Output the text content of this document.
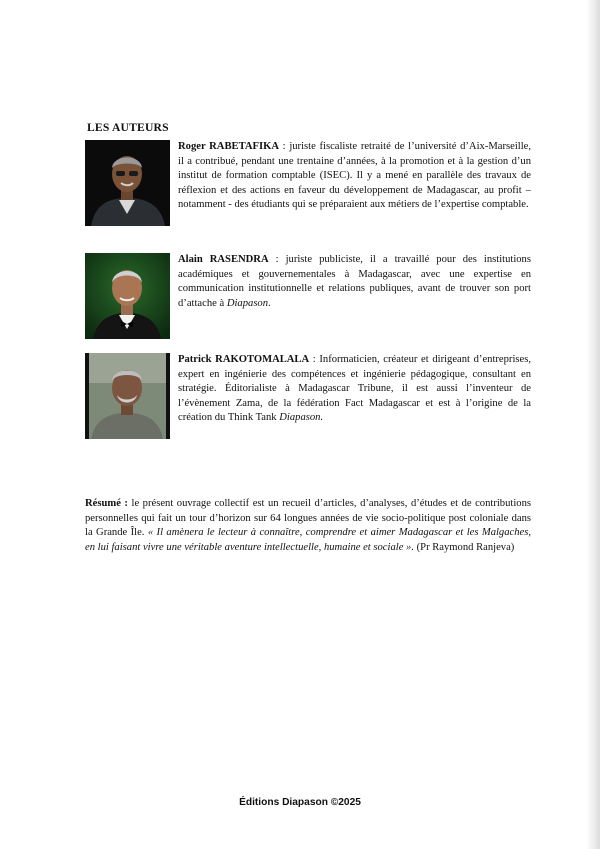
LES AUTEURS
Roger RABETAFIKA : juriste fiscaliste retraité de l’université d’Aix-Marseille, il a contribué, pendant une trentaine d’années, à la promotion et à la gestion d’un institut de formation comptable (ISEC). Il y a mené en parallèle des travaux de réflexion et des actions en faveur du développement de Madagascar, au profit – notamment - des étudiants qui se préparaient aux métiers de l’expertise comptable.
Alain RASENDRA : juriste publiciste, il a travaillé pour des institutions académiques et gouvernementales à Madagascar, avec une expertise en communication institutionnelle et relations publiques, avant de trouver son port d’attache à Diapason.
Patrick RAKOTOMALALA : Informaticien, créateur et dirigeant d’entreprises, expert en ingénierie des compétences et ingénierie pédagogique, consultant en stratégie. Éditorialiste à Madagascar Tribune, il est aussi l’inventeur de l’évènement Zama, de la fédération Fact Madagascar et est à l’origine de la création du Think Tank Diapason.
Résumé : le présent ouvrage collectif est un recueil d’articles, d’analyses, d’études et de contributions personnelles qui fait un tour d’horizon sur 64 longues années de vie socio-politique post coloniale dans la Grande Île. « Il amènera le lecteur à connaître, comprendre et aimer Madagascar et les Malgaches, en lui faisant vivre une véritable aventure intellectuelle, humaine et sociale ». (Pr Raymond Ranjeva)
Éditions Diapason ©2025
